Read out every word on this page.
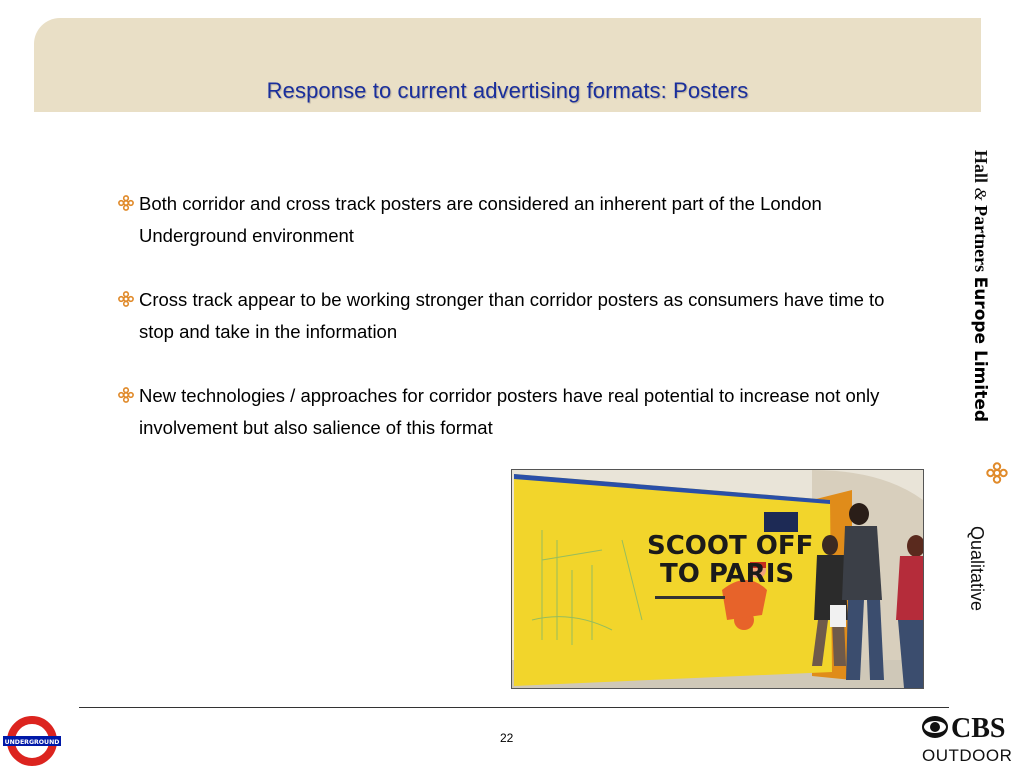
Response to current advertising formats: Posters
Both corridor and cross track posters are considered an inherent part of the London Underground environment
Cross track appear to be working stronger than corridor posters as consumers have time to stop and take in the information
New technologies / approaches for corridor posters have real potential to increase not only involvement but also salience of this format
SCOOT OFF
TO PARIS
Hall & Partners Europe Limited
Qualitative
UNDERGROUND	22	CBS
OUTDOOR
